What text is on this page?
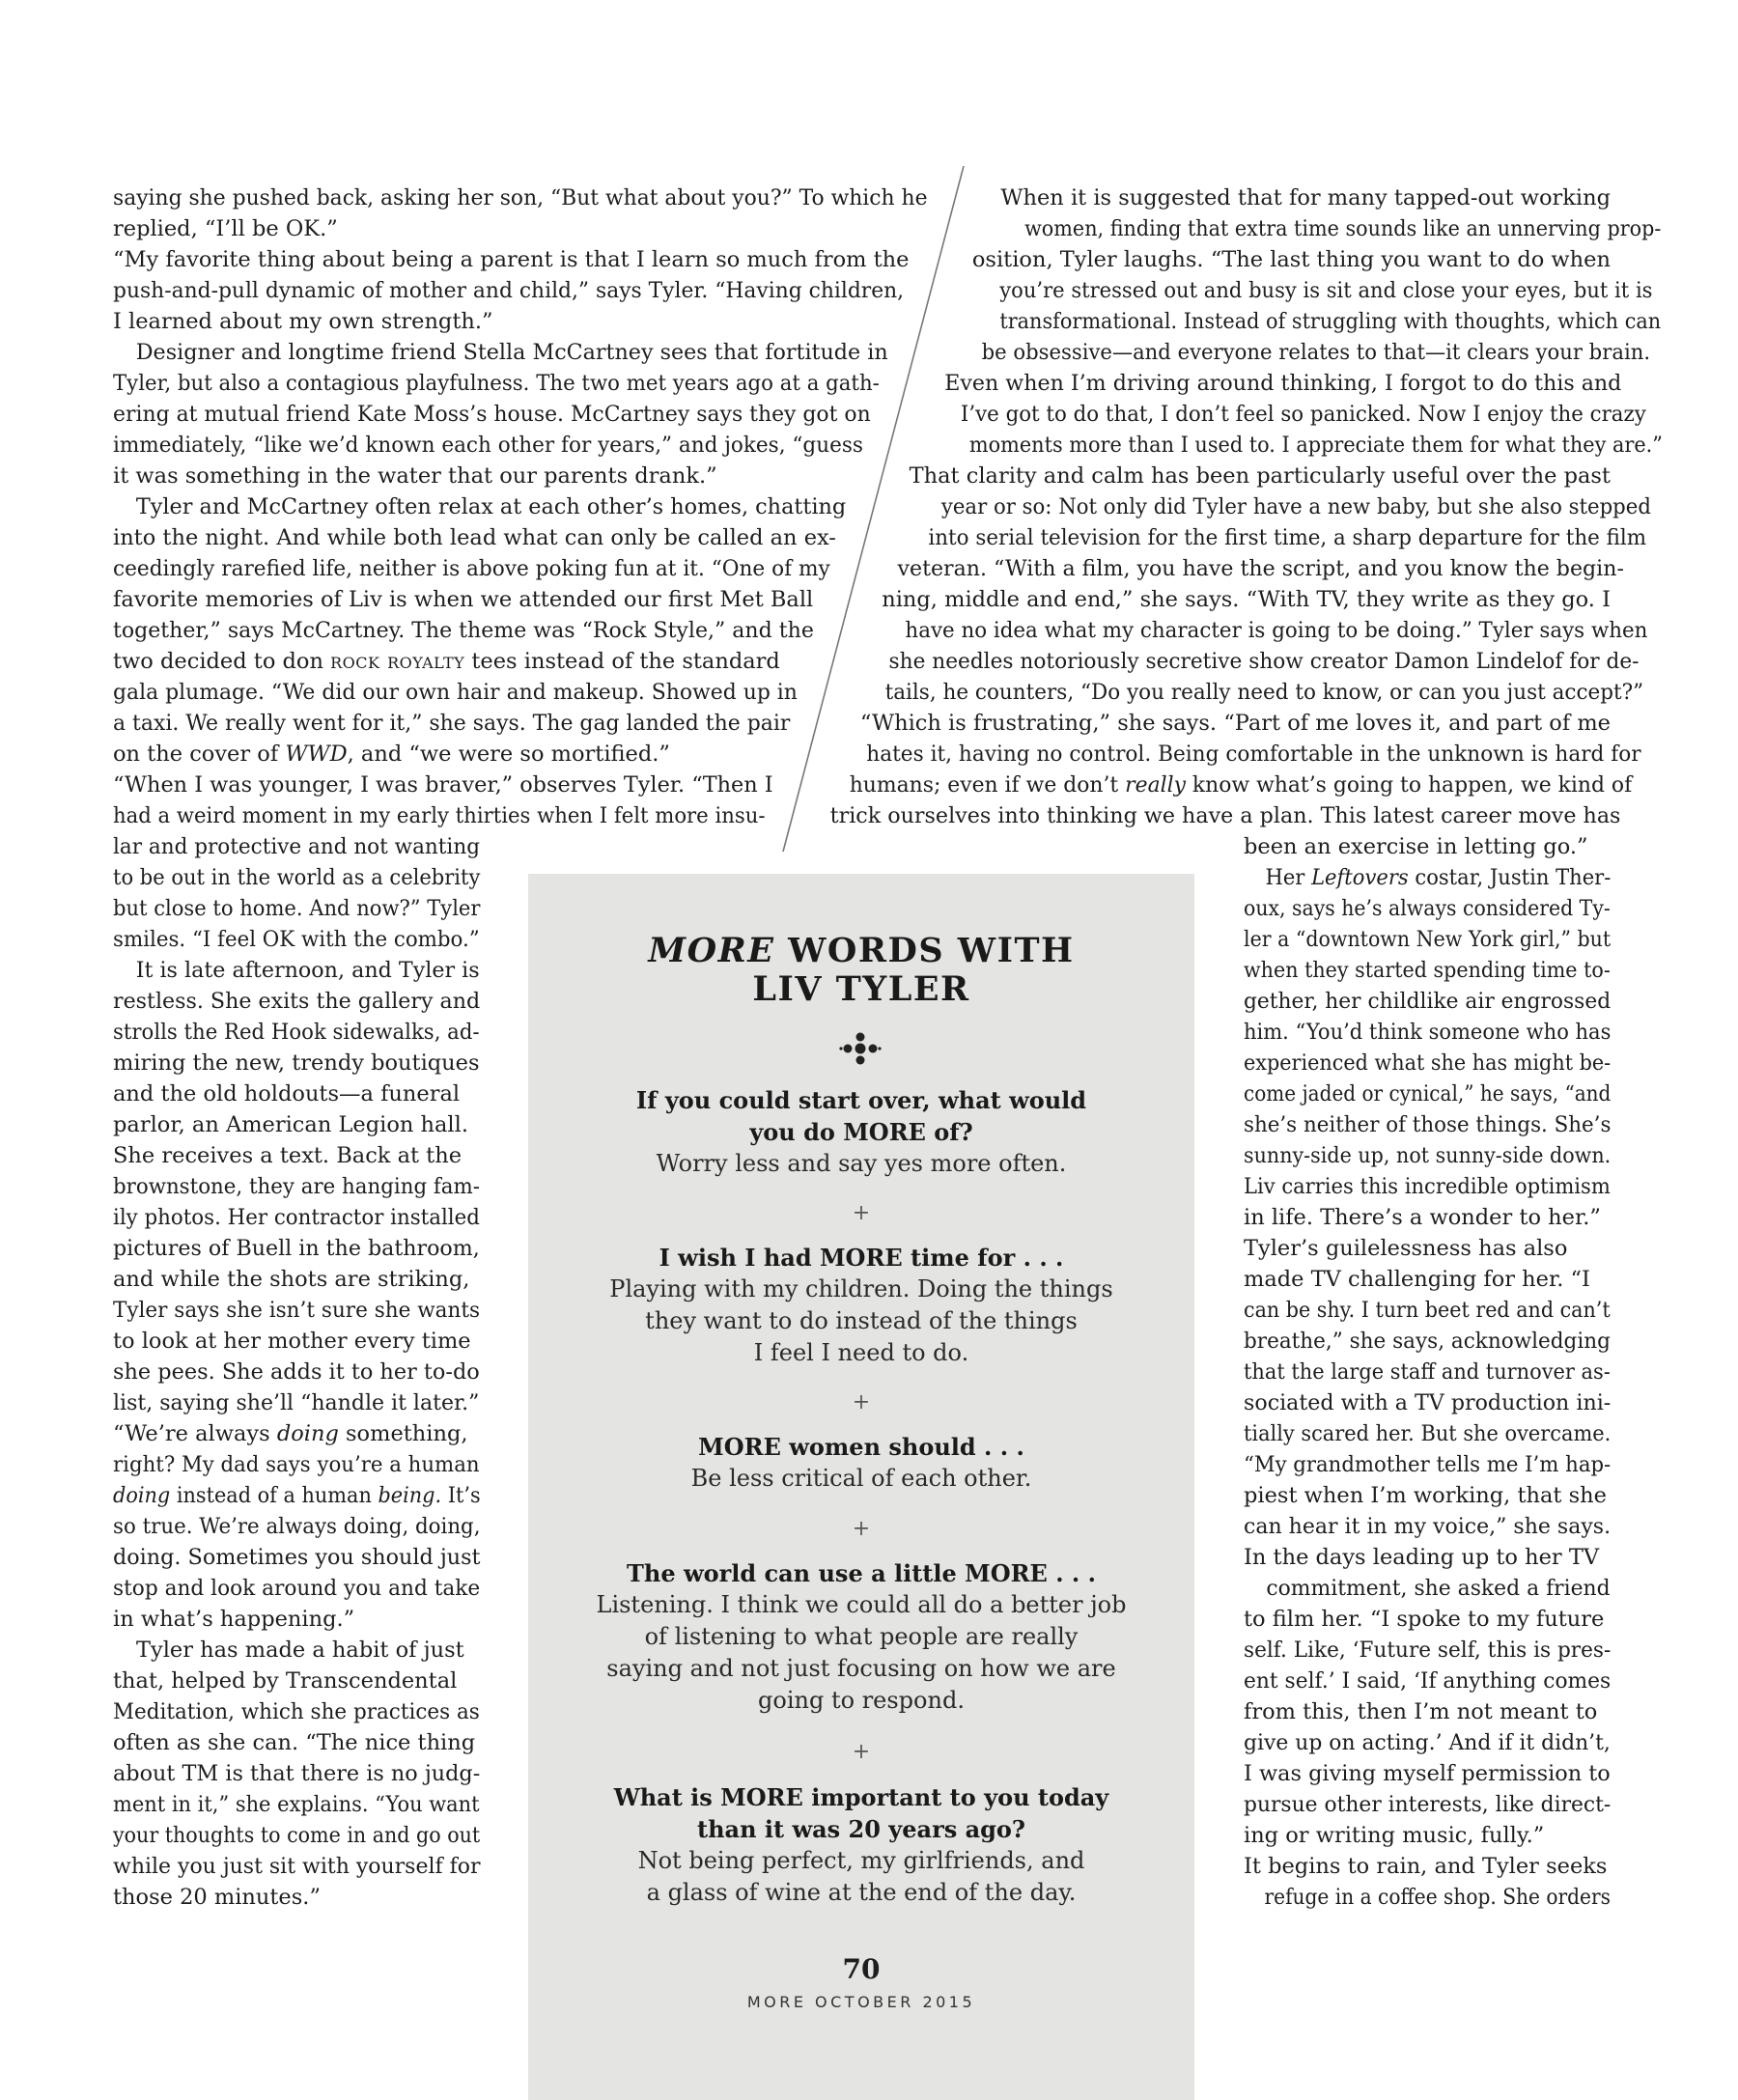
saying she pushed back, asking her son, “But what about you?” To which he
replied, “I’ll be OK.”
“My favorite thing about being a parent is that I learn so much from the
push-and-pull dynamic of mother and child,” says Tyler. “Having children,
I learned about my own strength.”
Designer and longtime friend Stella McCartney sees that fortitude in
Tyler, but also a contagious playfulness. The two met years ago at a gath-
ering at mutual friend Kate Moss’s house. McCartney says they got on
immediately, “like we’d known each other for years,” and jokes, “guess
it was something in the water that our parents drank.”
Tyler and McCartney often relax at each other’s homes, chatting
into the night. And while both lead what can only be called an ex-
ceedingly rarefied life, neither is above poking fun at it. “One of my
favorite memories of Liv is when we attended our first Met Ball
together,” says McCartney. The theme was “Rock Style,” and the
two decided to don rock royalty tees instead of the standard
gala plumage. “We did our own hair and makeup. Showed up in
a taxi. We really went for it,” she says. The gag landed the pair
on the cover of WWD, and “we were so mortified.”
“When I was younger, I was braver,” observes Tyler. “Then I
had a weird moment in my early thirties when I felt more insu-
lar and protective and not wanting
to be out in the world as a celebrity
but close to home. And now?” Tyler
smiles. “I feel OK with the combo.”
It is late afternoon, and Tyler is
restless. She exits the gallery and
strolls the Red Hook sidewalks, ad-
miring the new, trendy boutiques
and the old holdouts—a funeral
parlor, an American Legion hall.
She receives a text. Back at the
brownstone, they are hanging fam-
ily photos. Her contractor installed
pictures of Buell in the bathroom,
and while the shots are striking,
Tyler says she isn’t sure she wants
to look at her mother every time
she pees. She adds it to her to-do
list, saying she’ll “handle it later.”
“We’re always doing something,
right? My dad says you’re a human
doing instead of a human being. It’s
so true. We’re always doing, doing,
doing. Sometimes you should just
stop and look around you and take
in what’s happening.”
Tyler has made a habit of just
that, helped by Transcendental
Meditation, which she practices as
often as she can. “The nice thing
about TM is that there is no judg-
ment in it,” she explains. “You want
your thoughts to come in and go out
while you just sit with yourself for
those 20 minutes.”
When it is suggested that for many tapped-out working
women, finding that extra time sounds like an unnerving prop-
osition, Tyler laughs. “The last thing you want to do when
you’re stressed out and busy is sit and close your eyes, but it is
transformational. Instead of struggling with thoughts, which can
be obsessive—and everyone relates to that—it clears your brain.
Even when I’m driving around thinking, I forgot to do this and
I’ve got to do that, I don’t feel so panicked. Now I enjoy the crazy
moments more than I used to. I appreciate them for what they are.”
That clarity and calm has been particularly useful over the past
year or so: Not only did Tyler have a new baby, but she also stepped
into serial television for the first time, a sharp departure for the film
veteran. “With a film, you have the script, and you know the begin-
ning, middle and end,” she says. “With TV, they write as they go. I
have no idea what my character is going to be doing.” Tyler says when
she needles notoriously secretive show creator Damon Lindelof for de-
tails, he counters, “Do you really need to know, or can you just accept?”
“Which is frustrating,” she says. “Part of me loves it, and part of me
hates it, having no control. Being comfortable in the unknown is hard for
humans; even if we don’t really know what’s going to happen, we kind of
trick ourselves into thinking we have a plan. This latest career move has
been an exercise in letting go.”
Her Leftovers costar, Justin Ther-
oux, says he’s always considered Ty-
ler a “downtown New York girl,” but
when they started spending time to-
gether, her childlike air engrossed
him. “You’d think someone who has
experienced what she has might be-
come jaded or cynical,” he says, “and
she’s neither of those things. She’s
sunny-side up, not sunny-side down.
Liv carries this incredible optimism
in life. There’s a wonder to her.”
Tyler’s guilelessness has also
made TV challenging for her. “I
can be shy. I turn beet red and can’t
breathe,” she says, acknowledging
that the large staff and turnover as-
sociated with a TV production ini-
tially scared her. But she overcame.
“My grandmother tells me I’m hap-
piest when I’m working, that she
can hear it in my voice,” she says.
In the days leading up to her TV
commitment, she asked a friend
to film her. “I spoke to my future
self. Like, ‘Future self, this is pres-
ent self.’ I said, ‘If anything comes
from this, then I’m not meant to
give up on acting.’ And if it didn’t,
I was giving myself permission to
pursue other interests, like direct-
ing or writing music, fully.”
It begins to rain, and Tyler seeks
refuge in a coffee shop. She orders
MORE WORDS WITH
LIV TYLER
If you could start over, what would
you do MORE of?
Worry less and say yes more often.
I wish I had MORE time for . . .
Playing with my children. Doing the things
they want to do instead of the things
I feel I need to do.
MORE women should . . .
Be less critical of each other.
The world can use a little MORE . . .
Listening. I think we could all do a better job
of listening to what people are really
saying and not just focusing on how we are
going to respond.
What is MORE important to you today
than it was 20 years ago?
Not being perfect, my girlfriends, and
a glass of wine at the end of the day.
+
+
+
+
70
MORE OCTOBER 2015
